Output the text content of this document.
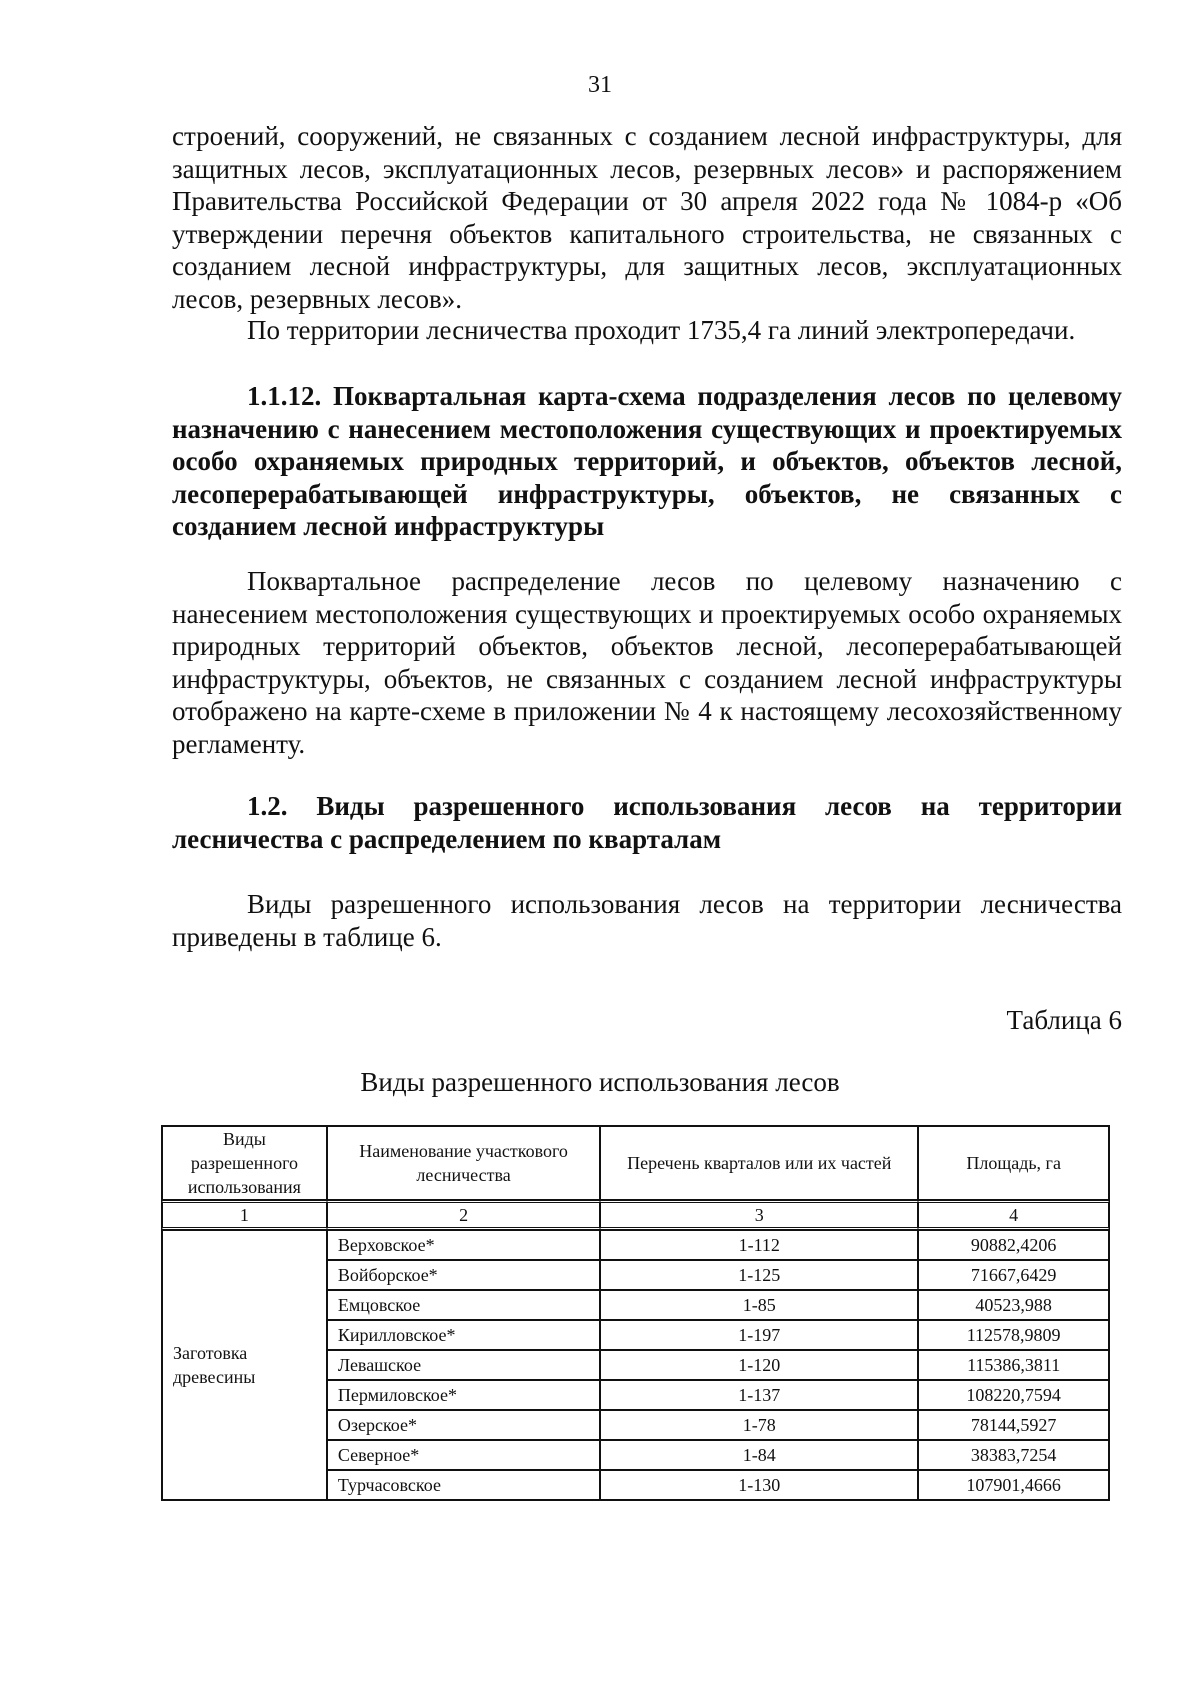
31

строений, сооружений, не связанных с созданием лесной инфраструктуры, для защитных лесов, эксплуатационных лесов, резервных лесов» и распоряжением Правительства Российской Федерации от 30 апреля 2022 года № 1084-р «Об утверждении перечня объектов капитального строительства, не связанных с созданием лесной инфраструктуры, для защитных лесов, эксплуатационных лесов, резервных лесов».

По территории лесничества проходит 1735,4 га линий электропередачи.

1.1.12. Поквартальная карта-схема подразделения лесов по целевому назначению с нанесением местоположения существующих и проектируемых особо охраняемых природных территорий, и объектов, объектов лесной, лесоперерабатывающей инфраструктуры, объектов, не связанных с созданием лесной инфраструктуры

Поквартальное распределение лесов по целевому назначению с нанесением местоположения существующих и проектируемых особо охраняемых природных территорий объектов, объектов лесной, лесоперерабатывающей инфраструктуры, объектов, не связанных с созданием лесной инфраструктуры отображено на карте-схеме в приложении № 4 к настоящему лесохозяйственному регламенту.

1.2. Виды разрешенного использования лесов на территории лесничества с распределением по кварталам

Виды разрешенного использования лесов на территории лесничества приведены в таблице 6.

Таблица 6
Виды разрешенного использования лесов
Виды разрешенного использования	Наименование участкового лесничества	Перечень кварталов или их частей	Площадь, га
1	2	3	4
Заготовка древесины	Верховское*	1-112	90882,4206
	Войборское*	1-125	71667,6429
	Емцовское	1-85	40523,988
	Кирилловское*	1-197	112578,9809
	Левашское	1-120	115386,3811
	Пермиловское*	1-137	108220,7594
	Озерское*	1-78	78144,5927
	Северное*	1-84	38383,7254
	Турчасовское	1-130	107901,4666
